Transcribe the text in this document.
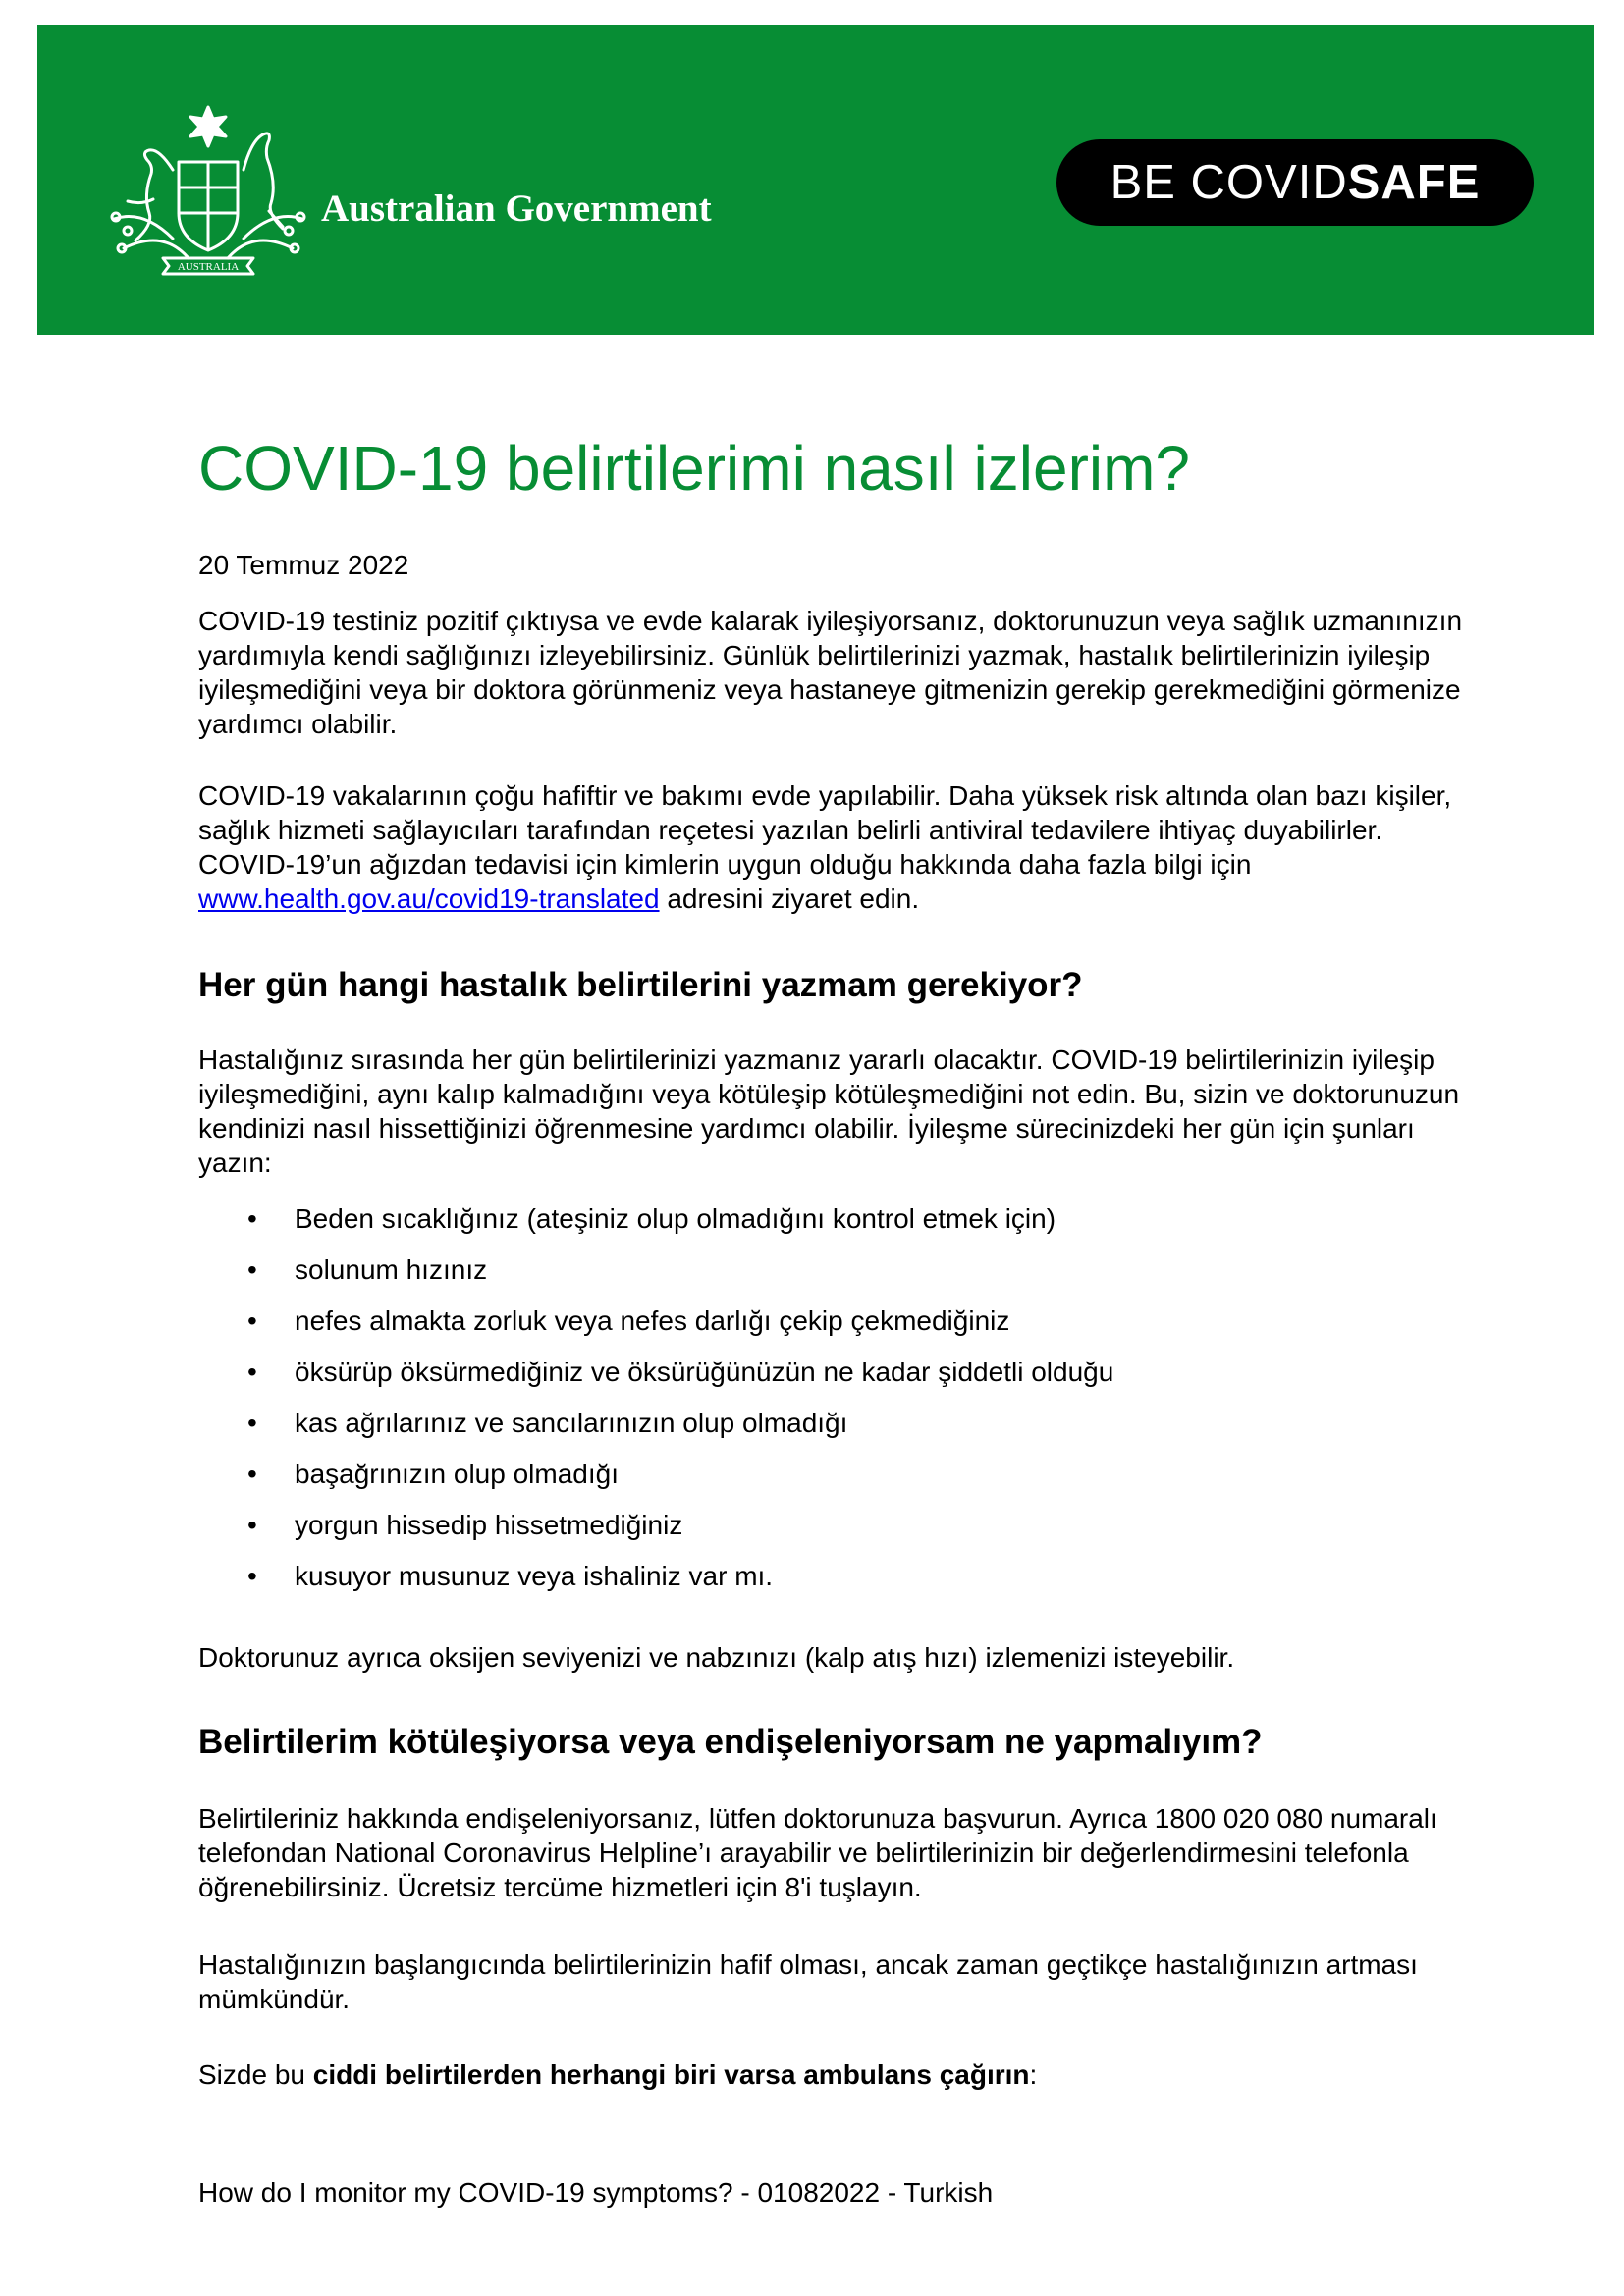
AUSTRALIA
Australian Government	BE COVID SAFE
COVID-19 belirtilerimi nasıl izlerim?

20 Temmuz 2022

COVID-19 testiniz pozitif çıktıysa ve evde kalarak iyileşiyorsanız, doktorunuzun veya sağlık uzmanınızın yardımıyla kendi sağlığınızı izleyebilirsiniz. Günlük belirtilerinizi yazmak, hastalık belirtilerinizin iyileşip iyileşmediğini veya bir doktora görünmeniz veya hastaneye gitmenizin gerekip gerekmediğini görmenize yardımcı olabilir.

COVID-19 vakalarının çoğu hafiftir ve bakımı evde yapılabilir. Daha yüksek risk altında olan bazı kişiler, sağlık hizmeti sağlayıcıları tarafından reçetesi yazılan belirli antiviral tedavilere ihtiyaç duyabilirler. COVID-19’un ağızdan tedavisi için kimlerin uygun olduğu hakkında daha fazla bilgi için www.health.gov.au/covid19-translated adresini ziyaret edin.

Her gün hangi hastalık belirtilerini yazmam gerekiyor?

Hastalığınız sırasında her gün belirtilerinizi yazmanız yararlı olacaktır. COVID-19 belirtilerinizin iyileşip iyileşmediğini, aynı kalıp kalmadığını veya kötüleşip kötüleşmediğini not edin. Bu, sizin ve doktorunuzun kendinizi nasıl hissettiğinizi öğrenmesine yardımcı olabilir. İyileşme sürecinizdeki her gün için şunları yazın:

• Beden sıcaklığınız (ateşiniz olup olmadığını kontrol etmek için)
• solunum hızınız
• nefes almakta zorluk veya nefes darlığı çekip çekmediğiniz
• öksürüp öksürmediğiniz ve öksürüğünüzün ne kadar şiddetli olduğu
• kas ağrılarınız ve sancılarınızın olup olmadığı
• başağrınızın olup olmadığı
• yorgun hissedip hissetmediğiniz
• kusuyor musunuz veya ishaliniz var mı.

Doktorunuz ayrıca oksijen seviyenizi ve nabzınızı (kalp atış hızı) izlemenizi isteyebilir.

Belirtilerim kötüleşiyorsa veya endişeleniyorsam ne yapmalıyım?

Belirtileriniz hakkında endişeleniyorsanız, lütfen doktorunuza başvurun. Ayrıca 1800 020 080 numaralı telefondan National Coronavirus Helpline’ı arayabilir ve belirtilerinizin bir değerlendirmesini telefonla öğrenebilirsiniz. Ücretsiz tercüme hizmetleri için 8'i tuşlayın.

Hastalığınızın başlangıcında belirtilerinizin hafif olması, ancak zaman geçtikçe hastalığınızın artması mümkündür.

Sizde bu ciddi belirtilerden herhangi biri varsa ambulans çağırın:

How do I monitor my COVID-19 symptoms? - 01082022 - Turkish
